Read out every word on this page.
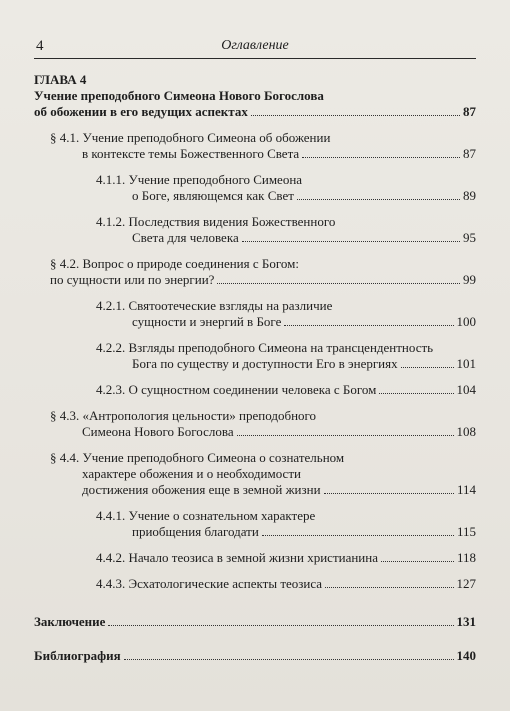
4	Оглавление
ГЛАВА 4
Учение преподобного Симеона Нового Богослова
об обожении в его ведущих аспектах	87
§ 4.1. Учение преподобного Симеона об обожении
в контексте темы Божественного Света	87
4.1.1. Учение преподобного Симеона
о Боге, являющемся как Свет	89
4.1.2. Последствия видения Божественного
Света для человека	95
§ 4.2. Вопрос о природе соединения с Богом:
по сущности или по энергии?	99
4.2.1. Святоотеческие взгляды на различие
сущности и энергий в Боге	100
4.2.2. Взгляды преподобного Симеона на трансцендентность
Бога по существу и доступности Его в энергиях	101
4.2.3. О сущностном соединении человека с Богом	104
§ 4.3. «Антропология цельности» преподобного
Симеона Нового Богослова	108
§ 4.4. Учение преподобного Симеона о сознательном
характере обожения и о необходимости
достижения обожения еще в земной жизни	114
4.4.1. Учение о сознательном характере
приобщения благодати	115
4.4.2. Начало теозиса в земной жизни христианина	118
4.4.3. Эсхатологические аспекты теозиса	127
Заключение	131
Библиография	140
